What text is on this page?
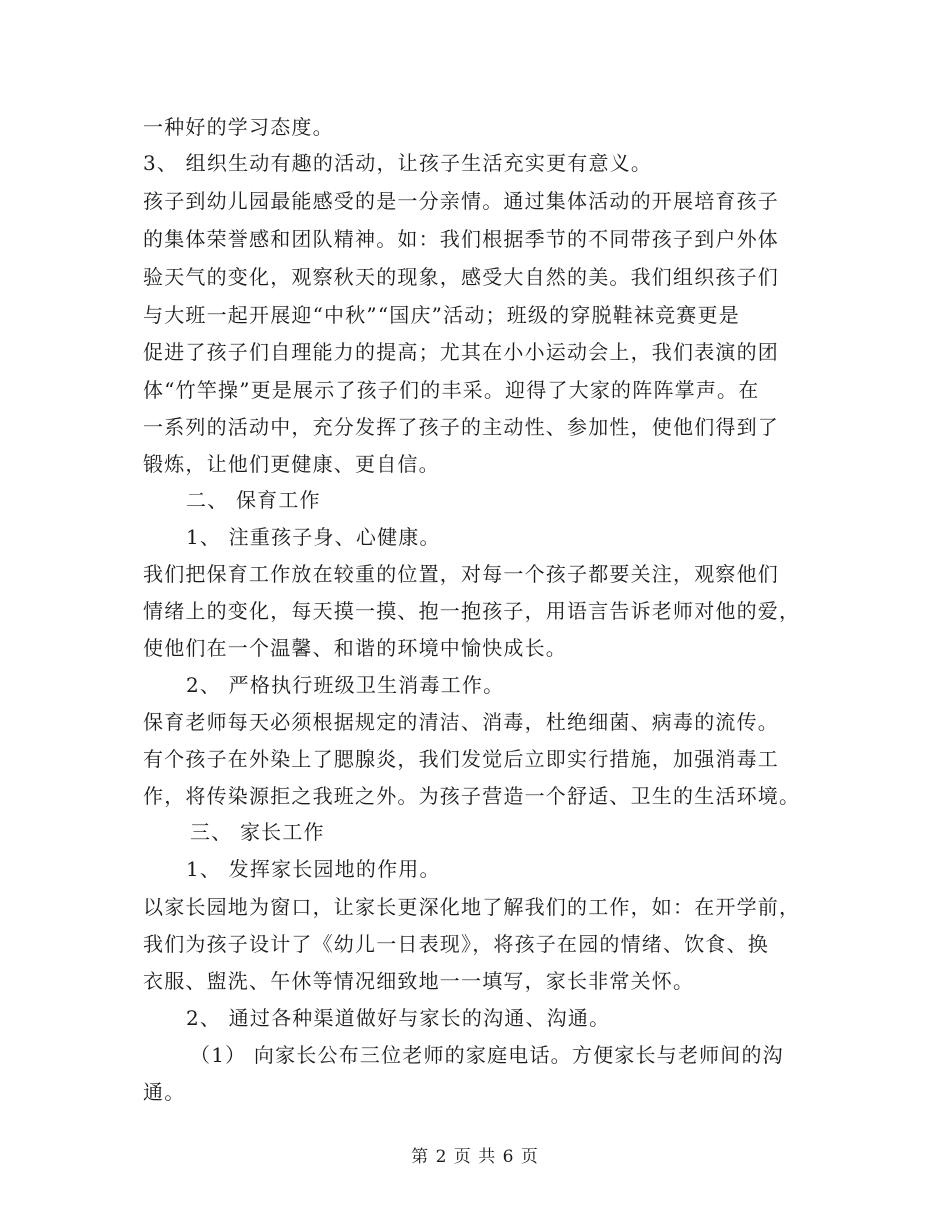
一种好的学习态度。
3、 组织生动有趣的活动，让孩子生活充实更有意义。
孩子到幼儿园最能感受的是一分亲情。通过集体活动的开展培育孩子
的集体荣誉感和团队精神。如：我们根据季节的不同带孩子到户外体
验天气的变化，观察秋天的现象，感受大自然的美。我们组织孩子们
与大班一起开展迎“中秋”“国庆”活动；班级的穿脱鞋袜竞赛更是
促进了孩子们自理能力的提高；尤其在小小运动会上，我们表演的团
体“竹竿操”更是展示了孩子们的丰采。迎得了大家的阵阵掌声。在
一系列的活动中，充分发挥了孩子的主动性、参加性，使他们得到了
锻炼，让他们更健康、更自信。
二、 保育工作
1、 注重孩子身、心健康。
我们把保育工作放在较重的位置，对每一个孩子都要关注，观察他们
情绪上的变化，每天摸一摸、抱一抱孩子，用语言告诉老师对他的爱，
使他们在一个温馨、和谐的环境中愉快成长。
2、 严格执行班级卫生消毒工作。
保育老师每天必须根据规定的清洁、消毒，杜绝细菌、病毒的流传。
有个孩子在外染上了腮腺炎，我们发觉后立即实行措施，加强消毒工
作，将传染源拒之我班之外。为孩子营造一个舒适、卫生的生活环境。
三、 家长工作
1、 发挥家长园地的作用。
以家长园地为窗口，让家长更深化地了解我们的工作，如：在开学前，
我们为孩子设计了《幼儿一日表现》，将孩子在园的情绪、饮食、换
衣服、盥洗、午休等情况细致地一一填写，家长非常关怀。
2、 通过各种渠道做好与家长的沟通、沟通。
（1） 向家长公布三位老师的家庭电话。方便家长与老师间的沟
通。
第 2 页 共 6 页
